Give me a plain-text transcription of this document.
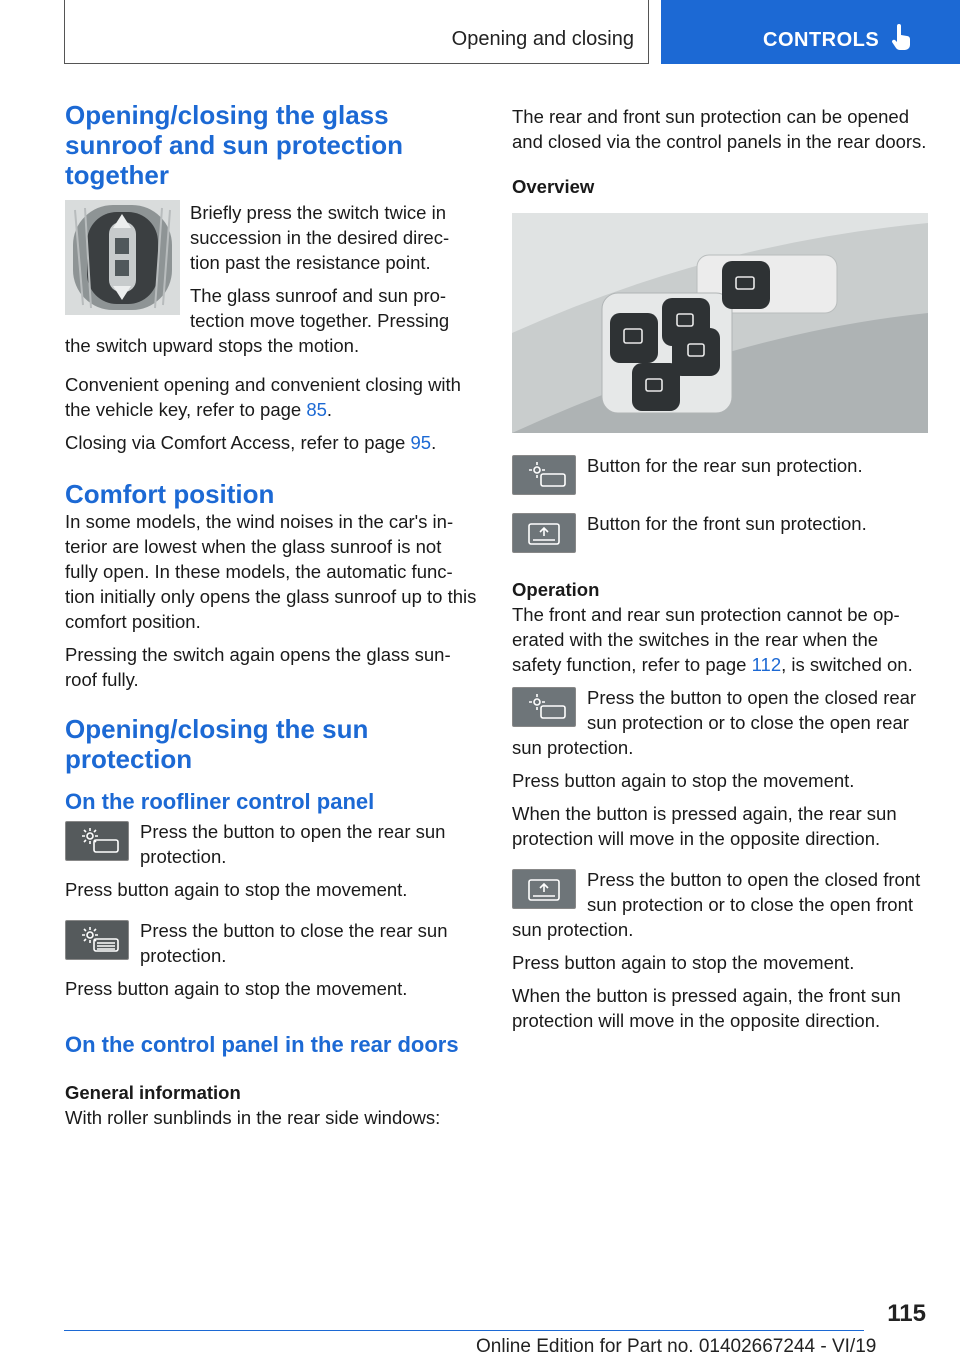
Opening and closing	CONTROLS
Opening/closing the glass sunroof and sun protection together

Briefly press the switch twice in succession in the desired direc‐tion past the resistance point.

The glass sunroof and sun pro‐tection move together. Pressing the switch upward stops the motion.

Convenient opening and convenient closing with the vehicle key, refer to page 85.

Closing via Comfort Access, refer to page 95.

Comfort position

In some models, the wind noises in the car's in‐terior are lowest when the glass sunroof is not fully open. In these models, the automatic func‐tion initially only opens the glass sunroof up to this comfort position.

Pressing the switch again opens the glass sun‐roof fully.

Opening/closing the sun protection
On the roofliner control panel

Press the button to open the rear sun protection.

Press button again to stop the movement.

Press the button to close the rear sun protection.

Press button again to stop the movement.

On the control panel in the rear doors
General information

With roller sunblinds in the rear side windows:

The rear and front sun protection can be opened and closed via the control panels in the rear doors.

Overview

Button for the rear sun protection.

Button for the front sun protection.

Operation

The front and rear sun protection cannot be op‐erated with the switches in the rear when the safety function, refer to page 112, is switched on.

Press the button to open the closed rear sun protection or to close the open rear sun protection.

Press button again to stop the movement.

When the button is pressed again, the rear sun protection will move in the opposite direction.

Press the button to open the closed front sun protection or to close the open front sun protection.

Press button again to stop the movement.

When the button is pressed again, the front sun protection will move in the opposite direction.

115
Online Edition for Part no. 01402667244 - VI/19
